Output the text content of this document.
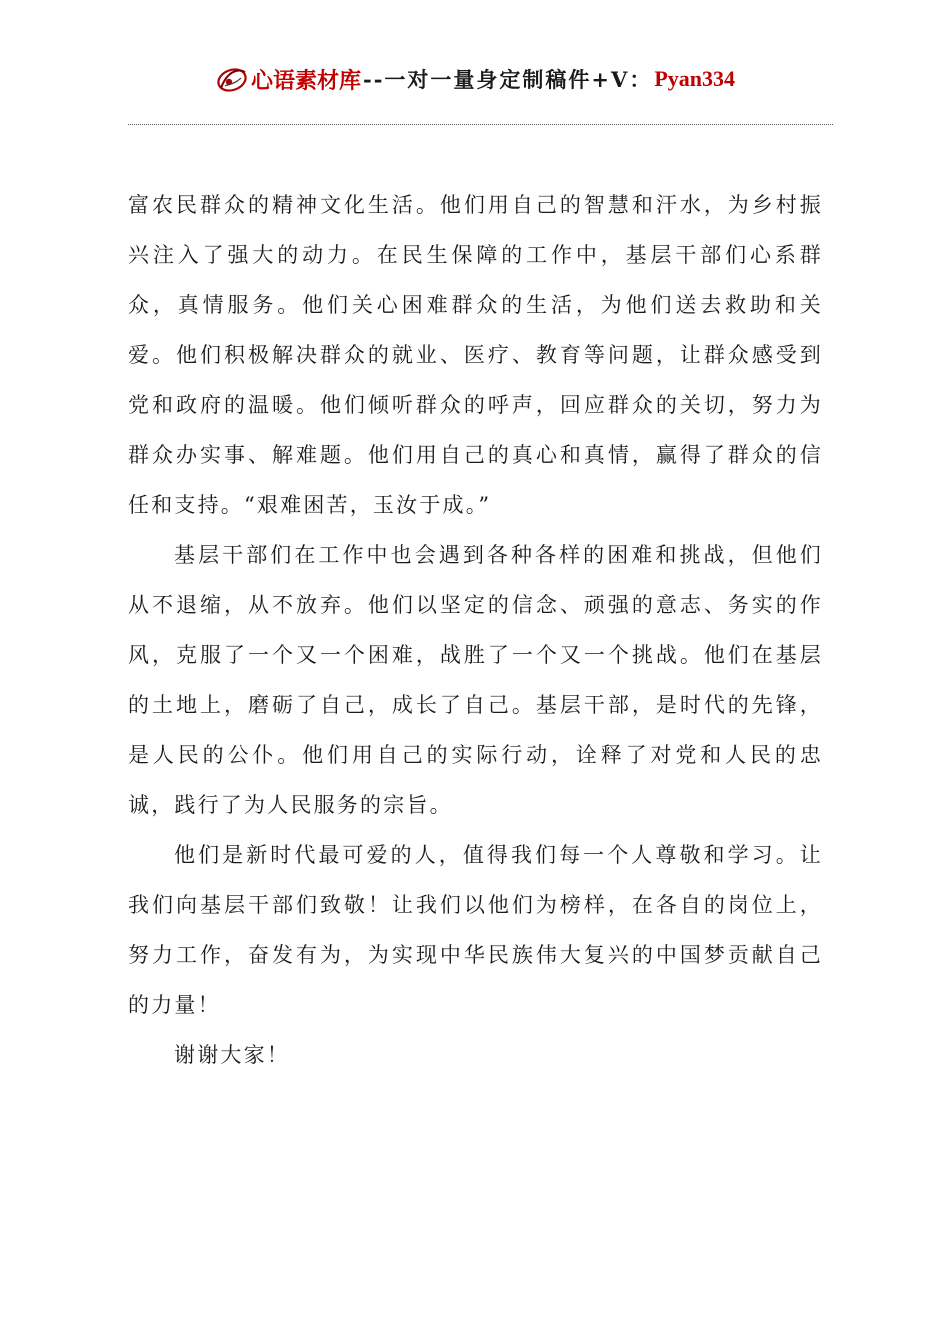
心语素材库 --一对一量身定制稿件+V： Pyan334

富农民群众的精神文化生活。他们用自己的智慧和汗水，为乡村振兴注入了强大的动力。在民生保障的工作中，基层干部们心系群众，真情服务。他们关心困难群众的生活，为他们送去救助和关爱。他们积极解决群众的就业、医疗、教育等问题，让群众感受到党和政府的温暖。他们倾听群众的呼声，回应群众的关切，努力为群众办实事、解难题。他们用自己的真心和真情，赢得了群众的信任和支持。“艰难困苦，玉汝于成。”

基层干部们在工作中也会遇到各种各样的困难和挑战，但他们从不退缩，从不放弃。他们以坚定的信念、顽强的意志、务实的作风，克服了一个又一个困难，战胜了一个又一个挑战。他们在基层的土地上，磨砺了自己，成长了自己。基层干部，是时代的先锋，是人民的公仆。他们用自己的实际行动，诠释了对党和人民的忠诚，践行了为人民服务的宗旨。

他们是新时代最可爱的人，值得我们每一个人尊敬和学习。让我们向基层干部们致敬！让我们以他们为榜样，在各自的岗位上，努力工作，奋发有为，为实现中华民族伟大复兴的中国梦贡献自己的力量！

谢谢大家！
